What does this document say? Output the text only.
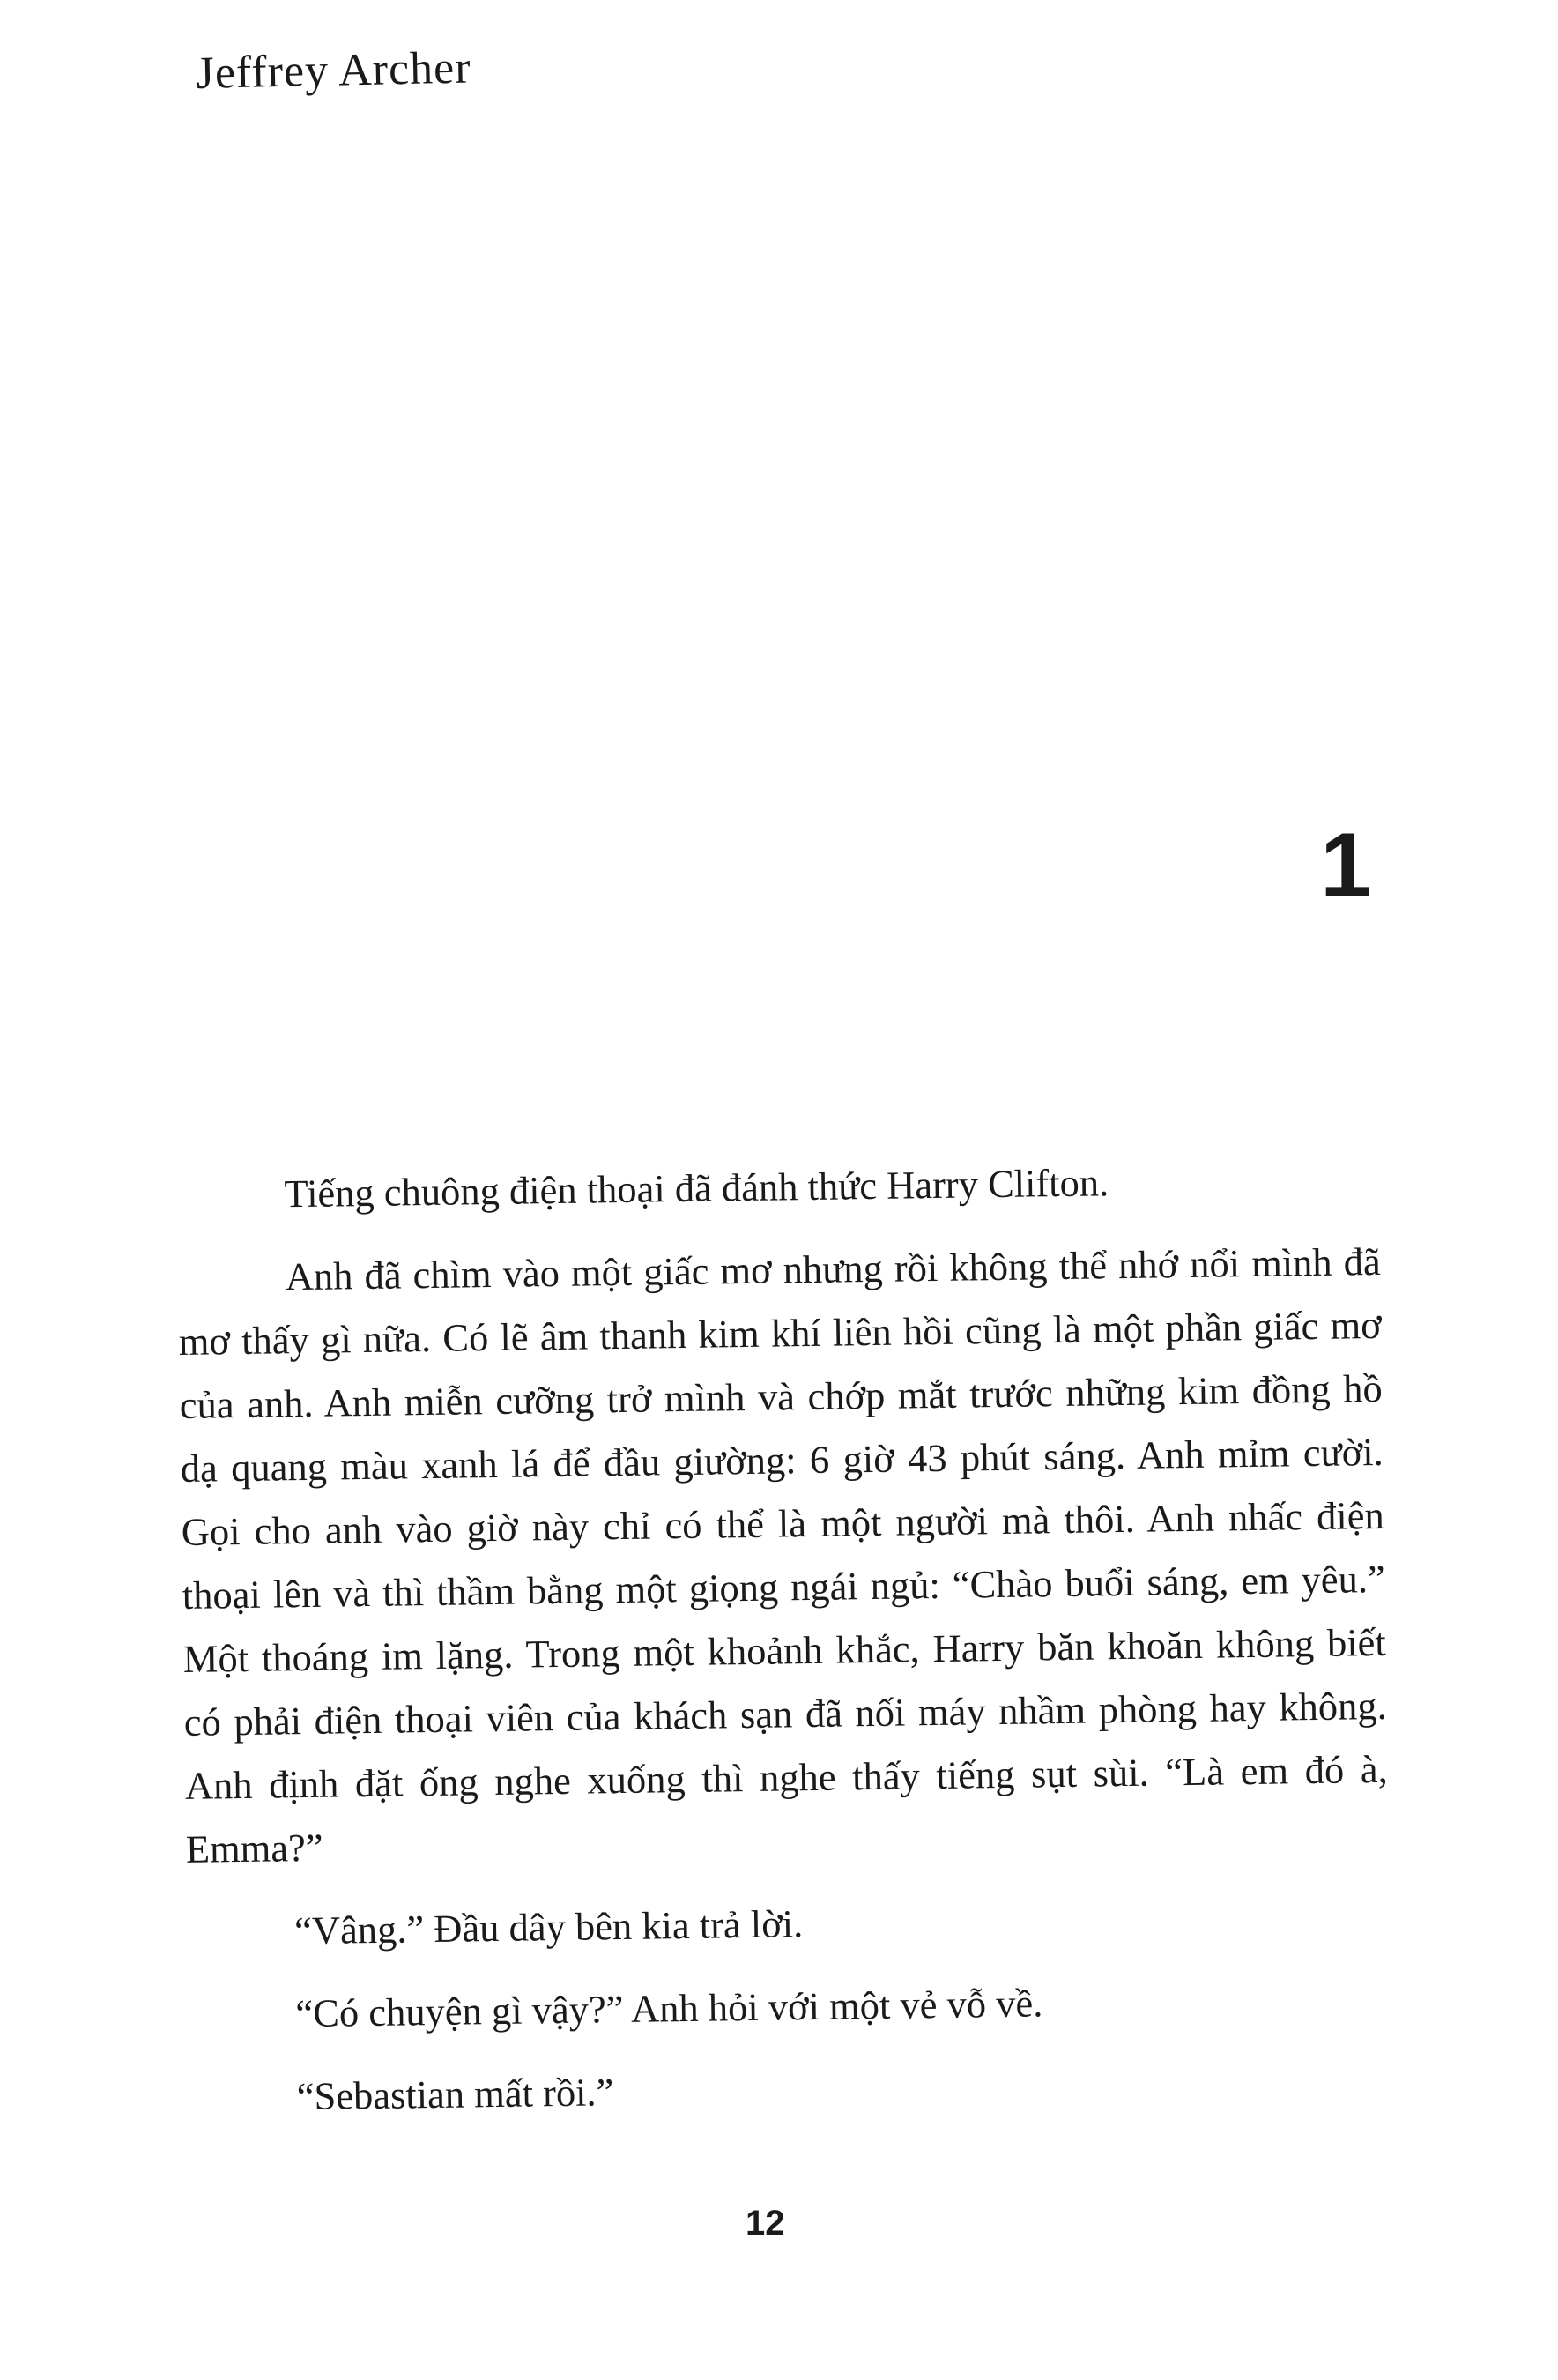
Jeffrey Archer
1

Tiếng chuông điện thoại đã đánh thức Harry Clifton.

Anh đã chìm vào một giấc mơ nhưng rồi không thể nhớ nổi mình đã mơ thấy gì nữa. Có lẽ âm thanh kim khí liên hồi cũng là một phần giấc mơ của anh. Anh miễn cưỡng trở mình và chớp mắt trước những kim đồng hồ dạ quang màu xanh lá để đầu giường: 6 giờ 43 phút sáng. Anh mỉm cười. Gọi cho anh vào giờ này chỉ có thể là một người mà thôi. Anh nhấc điện thoại lên và thì thầm bằng một giọng ngái ngủ: “Chào buổi sáng, em yêu.” Một thoáng im lặng. Trong một khoảnh khắc, Harry băn khoăn không biết có phải điện thoại viên của khách sạn đã nối máy nhầm phòng hay không. Anh định đặt ống nghe xuống thì nghe thấy tiếng sụt sùi. “Là em đó à, Emma?”

“Vâng.” Đầu dây bên kia trả lời.

“Có chuyện gì vậy?” Anh hỏi với một vẻ vỗ về.

“Sebastian mất rồi.”

12
